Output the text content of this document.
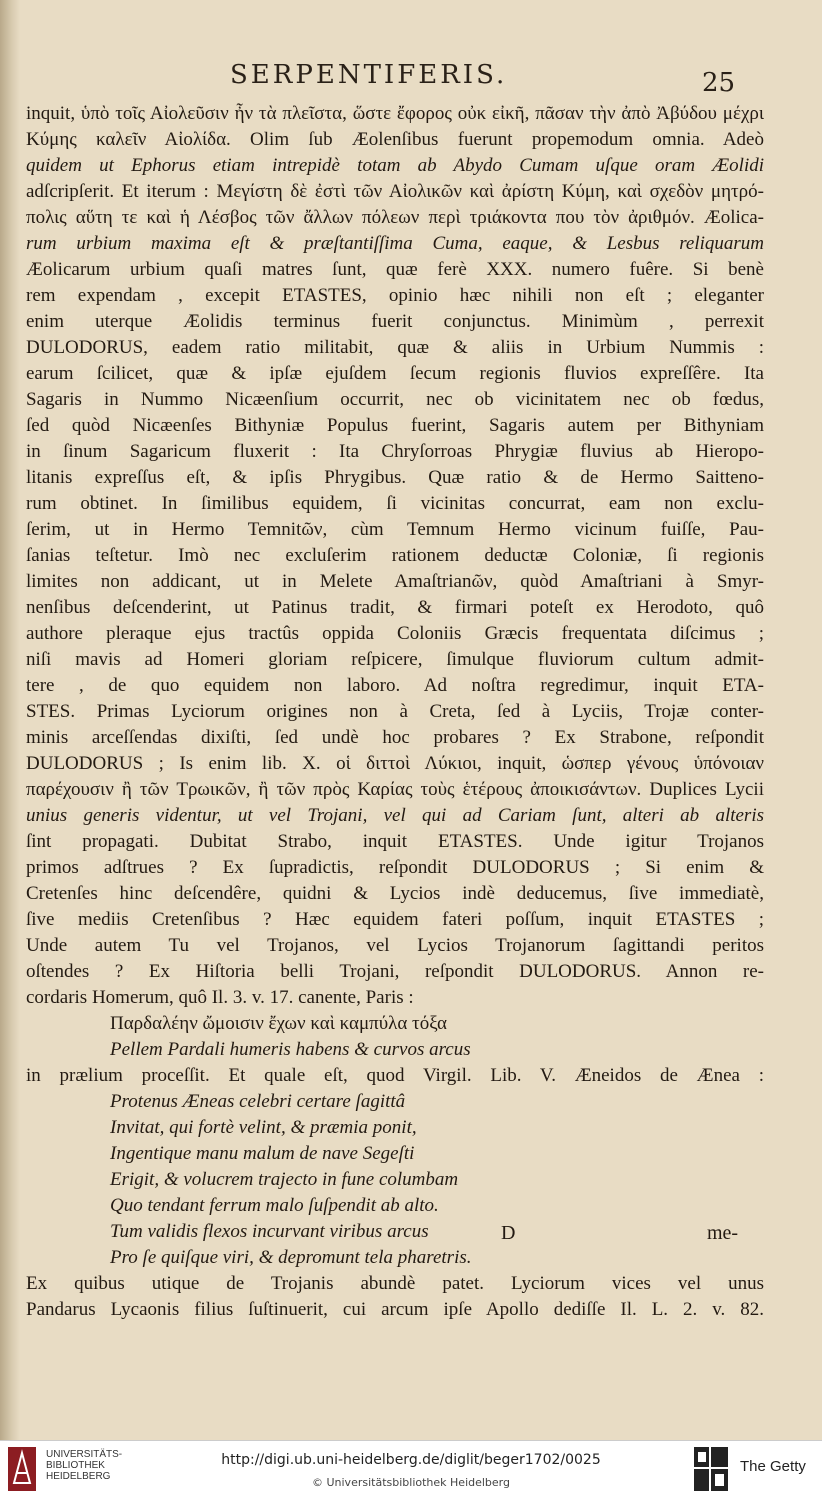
SERPENTIFERIS.	25
inquit, ὑπὸ τοῖς Αἰολεῦσιν ἦν τὰ πλεῖστα, ὥστε ἔφορος οὐκ εἰκῆ, πᾶσαν τὴν ἀπὸ Ἀβύδου μέχρι
Κύμης καλεῖν Αἰολίδα. Olim ſub Æolenſibus fuerunt propemodum omnia. Adeò
quidem ut Ephorus etiam intrepidè totam ab Abydo Cumam uſque oram Æolidi
adſcripſerit. Et iterum : Μεγίστη δὲ ἐστὶ τῶν Αἰολικῶν καὶ ἀρίστη Κύμη, καὶ σχεδὸν μητρό-
πολις αὕτη τε καὶ ἡ Λέσβος τῶν ἄλλων πόλεων περὶ τριάκοντα που τὸν ἀριθμόν. Æolica-
rum urbium maxima eſt & præſtantiſſima Cuma, eaque, & Lesbus reliquarum
Æolicarum urbium quaſi matres ſunt, quæ ferè XXX. numero fuêre. Si benè
rem expendam , excepit ETASTES, opinio hæc nihili non eſt ; eleganter
enim uterque Æolidis terminus fuerit conjunctus. Minimùm , perrexit
DULODORUS, eadem ratio militabit, quæ & aliis in Urbium Nummis :
earum ſcilicet, quæ & ipſæ ejuſdem ſecum regionis fluvios expreſſêre. Ita
Sagaris in Nummo Nicæenſium occurrit, nec ob vicinitatem nec ob fœdus,
ſed quòd Nicæenſes Bithyniæ Populus fuerint, Sagaris autem per Bithyniam
in ſinum Sagaricum fluxerit : Ita Chryſorroas Phrygiæ fluvius ab Hieropo-
litanis expreſſus eſt, & ipſis Phrygibus. Quæ ratio & de Hermo Saitteno-
rum obtinet. In ſimilibus equidem, ſi vicinitas concurrat, eam non exclu-
ſerim, ut in Hermo Temnitῶν, cùm Temnum Hermo vicinum fuiſſe, Pau-
ſanias teſtetur. Imò nec excluſerim rationem deductæ Coloniæ, ſi regionis
limites non addicant, ut in Melete Amaſtrianῶν, quòd Amaſtriani à Smyr-
nenſibus deſcenderint, ut Patinus tradit, & firmari poteſt ex Herodoto, quô
authore pleraque ejus tractûs oppida Coloniis Græcis frequentata diſcimus ;
niſi mavis ad Homeri gloriam reſpicere, ſimulque fluviorum cultum admit-
tere , de quo equidem non laboro. Ad noſtra regredimur, inquit ETA-
STES. Primas Lyciorum origines non à Creta, ſed à Lyciis, Trojæ conter-
minis arceſſendas dixiſti, ſed undè hoc probares ? Ex Strabone, reſpondit
DULODORUS ; Is enim lib. X. οἱ διττοὶ Λύκιοι, inquit, ὡσπερ γένους ὑπόνοιαν
παρέχουσιν ἢ τῶν Τρωικῶν, ἢ τῶν πρὸς Καρίας τοὺς ἑτέρους ἀποικισάντων. Duplices Lycii
unius generis videntur, ut vel Trojani, vel qui ad Cariam ſunt, alteri ab alteris
ſint propagati. Dubitat Strabo, inquit ETASTES. Unde igitur Trojanos
primos adſtrues ? Ex ſupradictis, reſpondit DULODORUS ; Si enim &
Cretenſes hinc deſcendêre, quidni & Lycios indè deducemus, ſive immediatè,
ſive mediis Cretenſibus ? Hæc equidem fateri poſſum, inquit ETASTES ;
Unde autem Tu vel Trojanos, vel Lycios Trojanorum ſagittandi peritos
oſtendes ? Ex Hiſtoria belli Trojani, reſpondit DULODORUS. Annon re-
cordaris Homerum, quô Il. 3. v. 17. canente, Paris :
Παρδαλέην ὤμοισιν ἔχων καὶ καμπύλα τόξα
Pellem Pardali humeris habens & curvos arcus
in prælium proceſſit. Et quale eſt, quod Virgil. Lib. V. Æneidos de Ænea :
Protenus Æneas celebri certare ſagittâ
Invitat, qui fortè velint, & præmia ponit,
Ingentique manu malum de nave Segeſti
Erigit, & volucrem trajecto in fune columbam
Quo tendant ferrum malo ſuſpendit ab alto.
Tum validis flexos incurvant viribus arcus
Pro ſe quiſque viri, & depromunt tela pharetris.
Ex quibus utique de Trojanis abundè patet. Lyciorum vices vel unus
Pandarus Lycaonis filius ſuſtinuerit, cui arcum ipſe Apollo dediſſe Il. L. 2. v. 82.
D	me-
UNIVERSITÄTS-
BIBLIOTHEK
HEIDELBERG
http://digi.ub.uni-heidelberg.de/diglit/beger1702/0025
© Universitätsbibliothek Heidelberg
The Getty
